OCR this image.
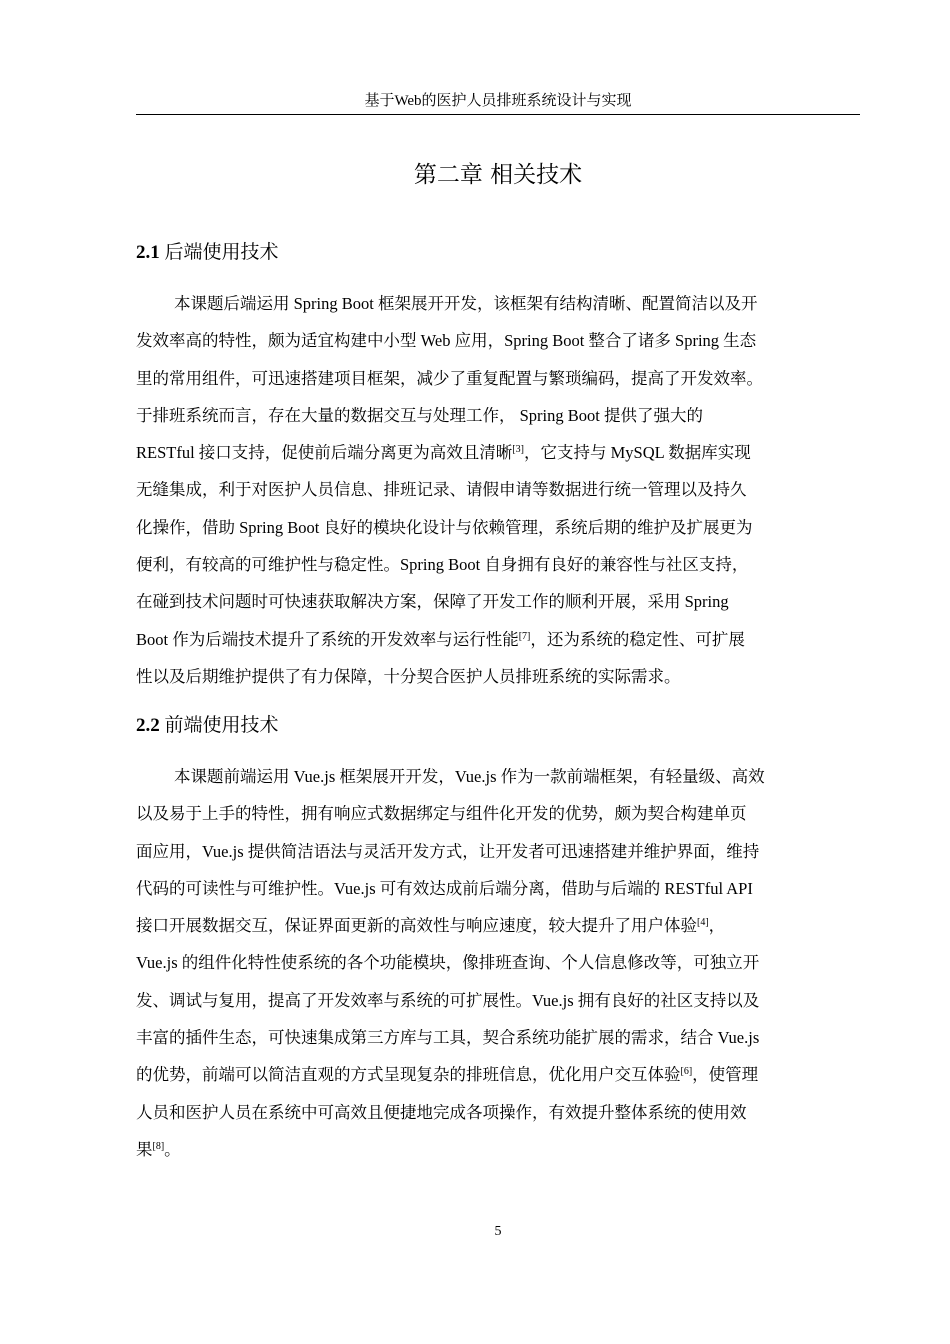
基于Web的医护人员排班系统设计与实现
第二章 相关技术
2.1 后端使用技术
本课题后端运用 Spring Boot 框架展开开发，该框架有结构清晰、配置简洁以及开
发效率高的特性，颇为适宜构建中小型 Web 应用，Spring Boot 整合了诸多 Spring 生态
里的常用组件，可迅速搭建项目框架，减少了重复配置与繁琐编码，提高了开发效率。
于排班系统而言，存在大量的数据交互与处理工作， Spring Boot 提供了强大的
RESTful 接口支持，促使前后端分离更为高效且清晰[3]，它支持与 MySQL 数据库实现
无缝集成，利于对医护人员信息、排班记录、请假申请等数据进行统一管理以及持久
化操作，借助 Spring Boot 良好的模块化设计与依赖管理，系统后期的维护及扩展更为
便利，有较高的可维护性与稳定性。Spring Boot 自身拥有良好的兼容性与社区支持，
在碰到技术问题时可快速获取解决方案，保障了开发工作的顺利开展，采用 Spring
Boot 作为后端技术提升了系统的开发效率与运行性能[7]，还为系统的稳定性、可扩展
性以及后期维护提供了有力保障，十分契合医护人员排班系统的实际需求。
2.2 前端使用技术
本课题前端运用 Vue.js 框架展开开发，Vue.js 作为一款前端框架，有轻量级、高效
以及易于上手的特性，拥有响应式数据绑定与组件化开发的优势，颇为契合构建单页
面应用，Vue.js 提供简洁语法与灵活开发方式，让开发者可迅速搭建并维护界面，维持
代码的可读性与可维护性。Vue.js 可有效达成前后端分离，借助与后端的 RESTful API
接口开展数据交互，保证界面更新的高效性与响应速度，较大提升了用户体验[4]，
Vue.js 的组件化特性使系统的各个功能模块，像排班查询、个人信息修改等，可独立开
发、调试与复用，提高了开发效率与系统的可扩展性。Vue.js 拥有良好的社区支持以及
丰富的插件生态，可快速集成第三方库与工具，契合系统功能扩展的需求，结合 Vue.js
的优势，前端可以简洁直观的方式呈现复杂的排班信息，优化用户交互体验[6]，使管理
人员和医护人员在系统中可高效且便捷地完成各项操作，有效提升整体系统的使用效
果[8]。
5
